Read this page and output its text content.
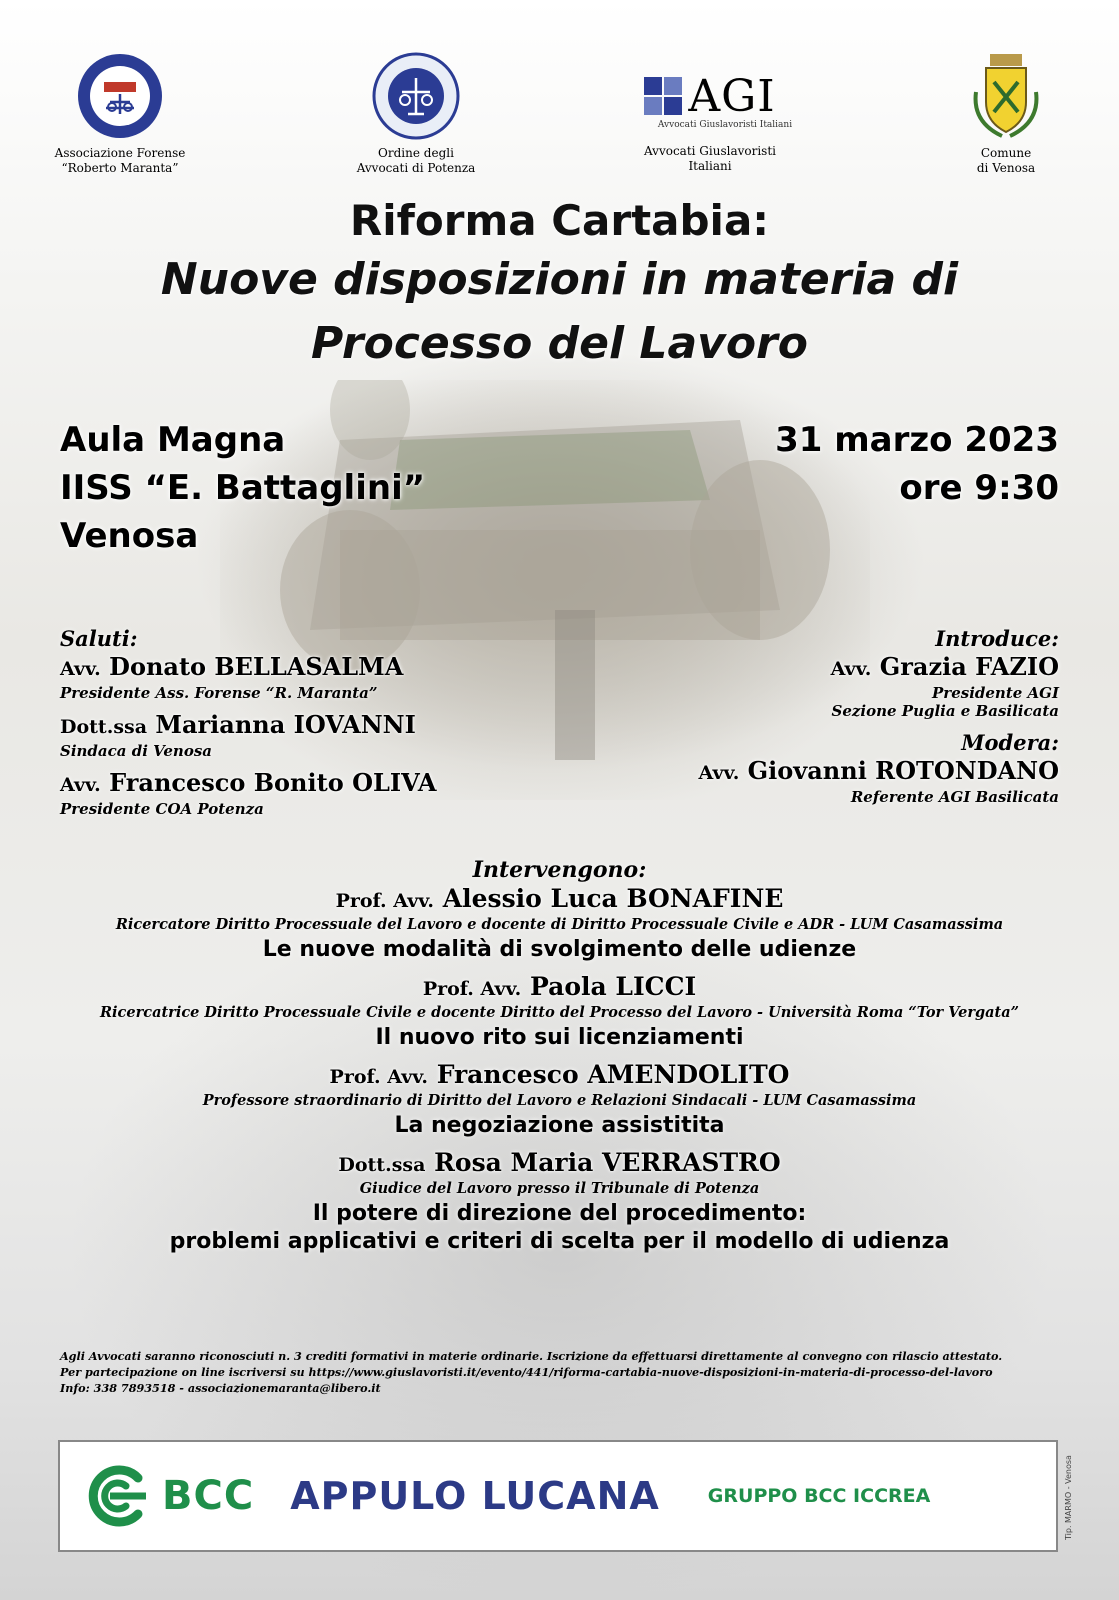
Associazione Forense
“Roberto Maranta”
Ordine degli
Avvocati di Potenza
AGI
Avvocati Giuslavoristi Italiani
Avvocati Giuslavoristi
Italiani
Comune
di Venosa
Riforma Cartabia:
Nuove disposizioni in materia di
Processo del Lavoro
Aula Magna
IISS “E. Battaglini”
Venosa
31 marzo 2023
ore 9:30
Saluti:
Avv. Donato BELLASALMA
Presidente Ass. Forense “R. Maranta”
Dott.ssa Marianna IOVANNI
Sindaca di Venosa
Avv. Francesco Bonito OLIVA
Presidente COA Potenza
Introduce:
Avv. Grazia FAZIO
Presidente AGI
Sezione Puglia e Basilicata
Modera:
Avv. Giovanni ROTONDANO
Referente AGI Basilicata
Intervengono:
Prof. Avv. Alessio Luca BONAFINE
Ricercatore Diritto Processuale del Lavoro e docente di Diritto Processuale Civile e ADR - LUM Casamassima
Le nuove modalità di svolgimento delle udienze
Prof. Avv. Paola LICCI
Ricercatrice Diritto Processuale Civile e docente Diritto del Processo del Lavoro - Università Roma “Tor Vergata”
Il nuovo rito sui licenziamenti
Prof. Avv. Francesco AMENDOLITO
Professore straordinario di Diritto del Lavoro e Relazioni Sindacali - LUM Casamassima
La negoziazione assistitita
Dott.ssa Rosa Maria VERRASTRO
Giudice del Lavoro presso il Tribunale di Potenza
Il potere di direzione del procedimento:
problemi applicativi e criteri di scelta per il modello di udienza
Agli Avvocati saranno riconosciuti n. 3 crediti formativi in materie ordinarie. Iscrizione da effettuarsi direttamente al convegno con rilascio attestato.
Per partecipazione on line iscriversi su https://www.giuslavoristi.it/evento/441/riforma-cartabia-nuove-disposizioni-in-materia-di-processo-del-lavoro
Info: 338 7893518 - associazionemaranta@libero.it
BCC APPULO LUCANA	GRUPPO BCC ICCREA	Tip. MARMO - Venosa
